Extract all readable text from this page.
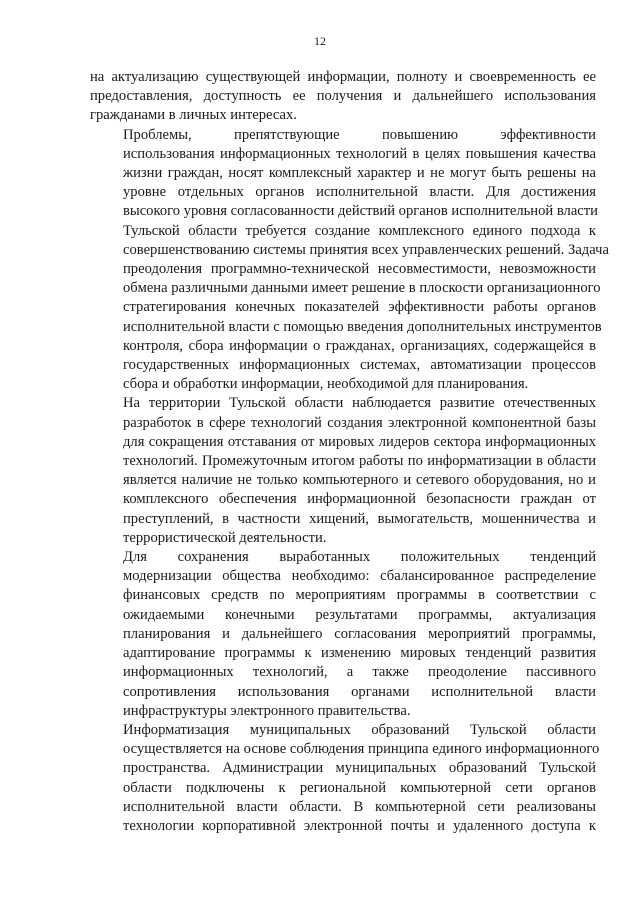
12
на актуализацию существующей информации, полноту и своевременность ее
предоставления, доступность ее получения и дальнейшего использования
гражданами в личных интересах.
Проблемы, препятствующие повышению эффективности
использования информационных технологий в целях повышения качества
жизни граждан, носят комплексный характер и не могут быть решены на
уровне отдельных органов исполнительной власти. Для достижения
высокого уровня согласованности действий органов исполнительной власти
Тульской области требуется создание комплексного единого подхода к
совершенствованию системы принятия всех управленческих решений. Задача
преодоления программно-технической несовместимости, невозможности
обмена различными данными имеет решение в плоскости организационного
стратегирования конечных показателей эффективности работы органов
исполнительной власти с помощью введения дополнительных инструментов
контроля, сбора информации о гражданах, организациях, содержащейся в
государственных информационных системах, автоматизации процессов
сбора и обработки информации, необходимой для планирования.
На территории Тульской области наблюдается развитие отечественных
разработок в сфере технологий создания электронной компонентной базы
для сокращения отставания от мировых лидеров сектора информационных
технологий. Промежуточным итогом работы по информатизации в области
является наличие не только компьютерного и сетевого оборудования, но и
комплексного обеспечения информационной безопасности граждан от
преступлений, в частности хищений, вымогательств, мошенничества и
террористической деятельности.
Для сохранения выработанных положительных тенденций
модернизации общества необходимо: сбалансированное распределение
финансовых средств по мероприятиям программы в соответствии с
ожидаемыми конечными результатами программы, актуализация
планирования и дальнейшего согласования мероприятий программы,
адаптирование программы к изменению мировых тенденций развития
информационных технологий, а также преодоление пассивного
сопротивления использования органами исполнительной власти
инфраструктуры электронного правительства.
Информатизация муниципальных образований Тульской области
осуществляется на основе соблюдения принципа единого информационного
пространства. Администрации муниципальных образований Тульской
области подключены к региональной компьютерной сети органов
исполнительной власти области. В компьютерной сети реализованы
технологии корпоративной электронной почты и удаленного доступа к
